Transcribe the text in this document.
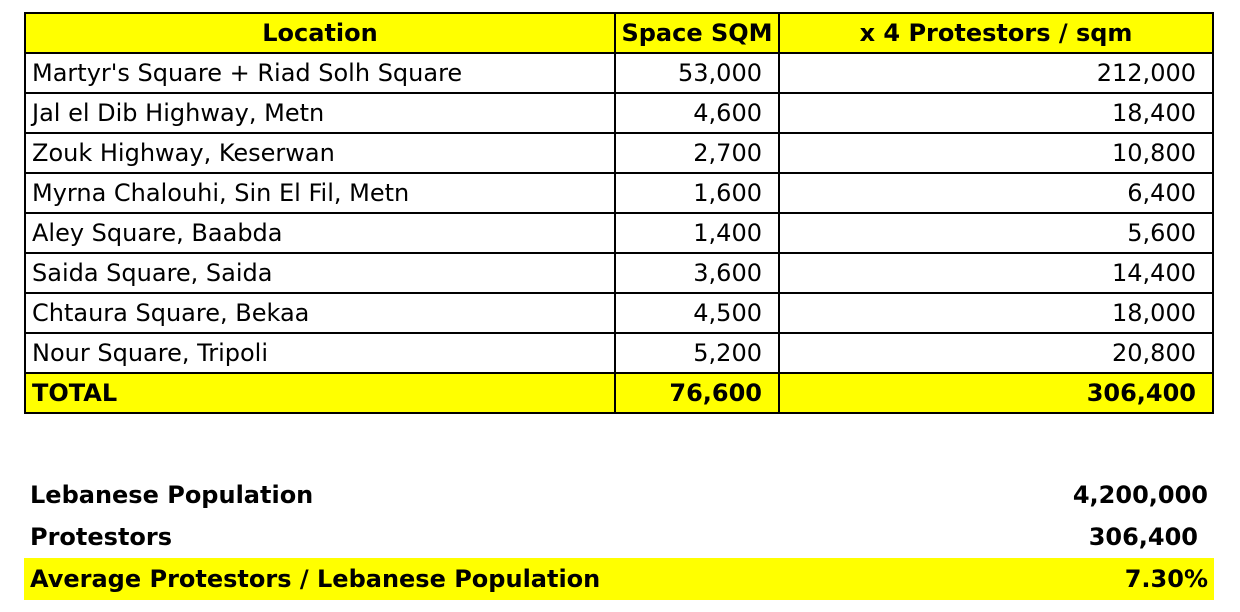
Location	Space SQM	x 4 Protestors / sqm
Martyr's Square + Riad Solh Square	53,000	212,000
Jal el Dib Highway, Metn	4,600	18,400
Zouk Highway, Keserwan	2,700	10,800
Myrna Chalouhi, Sin El Fil, Metn	1,600	6,400
Aley Square, Baabda	1,400	5,600
Saida Square, Saida	3,600	14,400
Chtaura Square, Bekaa	4,500	18,000
Nour Square, Tripoli	5,200	20,800
TOTAL	76,600	306,400
Lebanese Population	4,200,000
Protestors	306,400
Average Protestors / Lebanese Population	7.30%
